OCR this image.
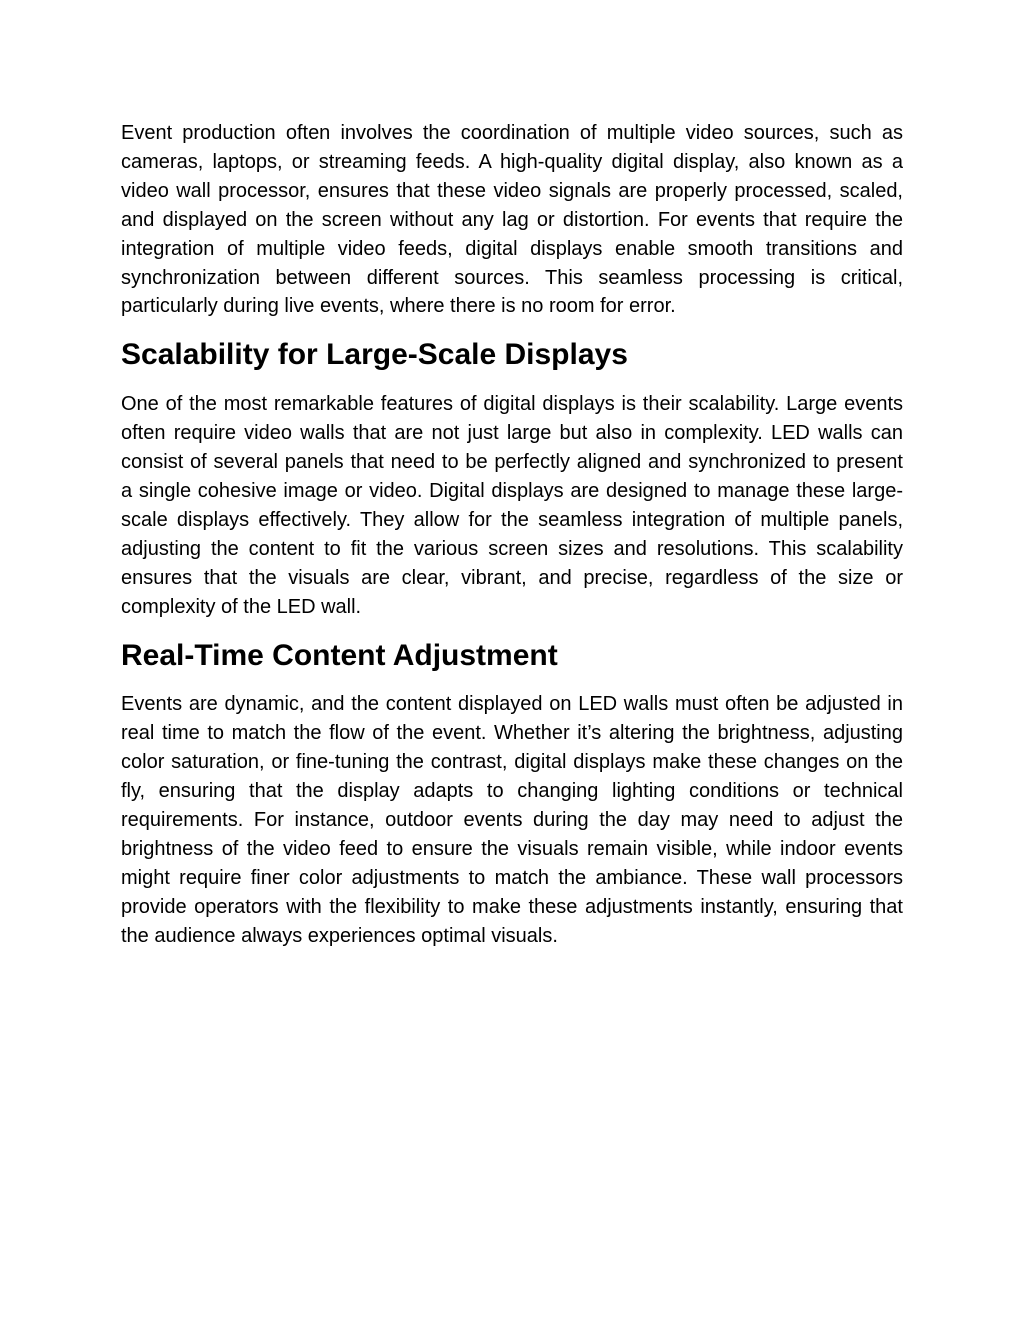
Event production often involves the coordination of multiple video sources, such as cameras, laptops, or streaming feeds. A high-quality digital display, also known as a video wall processor, ensures that these video signals are properly processed, scaled, and displayed on the screen without any lag or distortion. For events that require the integration of multiple video feeds, digital displays enable smooth transitions and synchronization between different sources. This seamless processing is critical, particularly during live events, where there is no room for error.

Scalability for Large-Scale Displays

One of the most remarkable features of digital displays is their scalability. Large events often require video walls that are not just large but also in complexity. LED walls can consist of several panels that need to be perfectly aligned and synchronized to present a single cohesive image or video. Digital displays are designed to manage these large-scale displays effectively. They allow for the seamless integration of multiple panels, adjusting the content to fit the various screen sizes and resolutions. This scalability ensures that the visuals are clear, vibrant, and precise, regardless of the size or complexity of the LED wall.

Real-Time Content Adjustment

Events are dynamic, and the content displayed on LED walls must often be adjusted in real time to match the flow of the event. Whether it’s altering the brightness, adjusting color saturation, or fine-tuning the contrast, digital displays make these changes on the fly, ensuring that the display adapts to changing lighting conditions or technical requirements. For instance, outdoor events during the day may need to adjust the brightness of the video feed to ensure the visuals remain visible, while indoor events might require finer color adjustments to match the ambiance. These wall processors provide operators with the flexibility to make these adjustments instantly, ensuring that the audience always experiences optimal visuals.
